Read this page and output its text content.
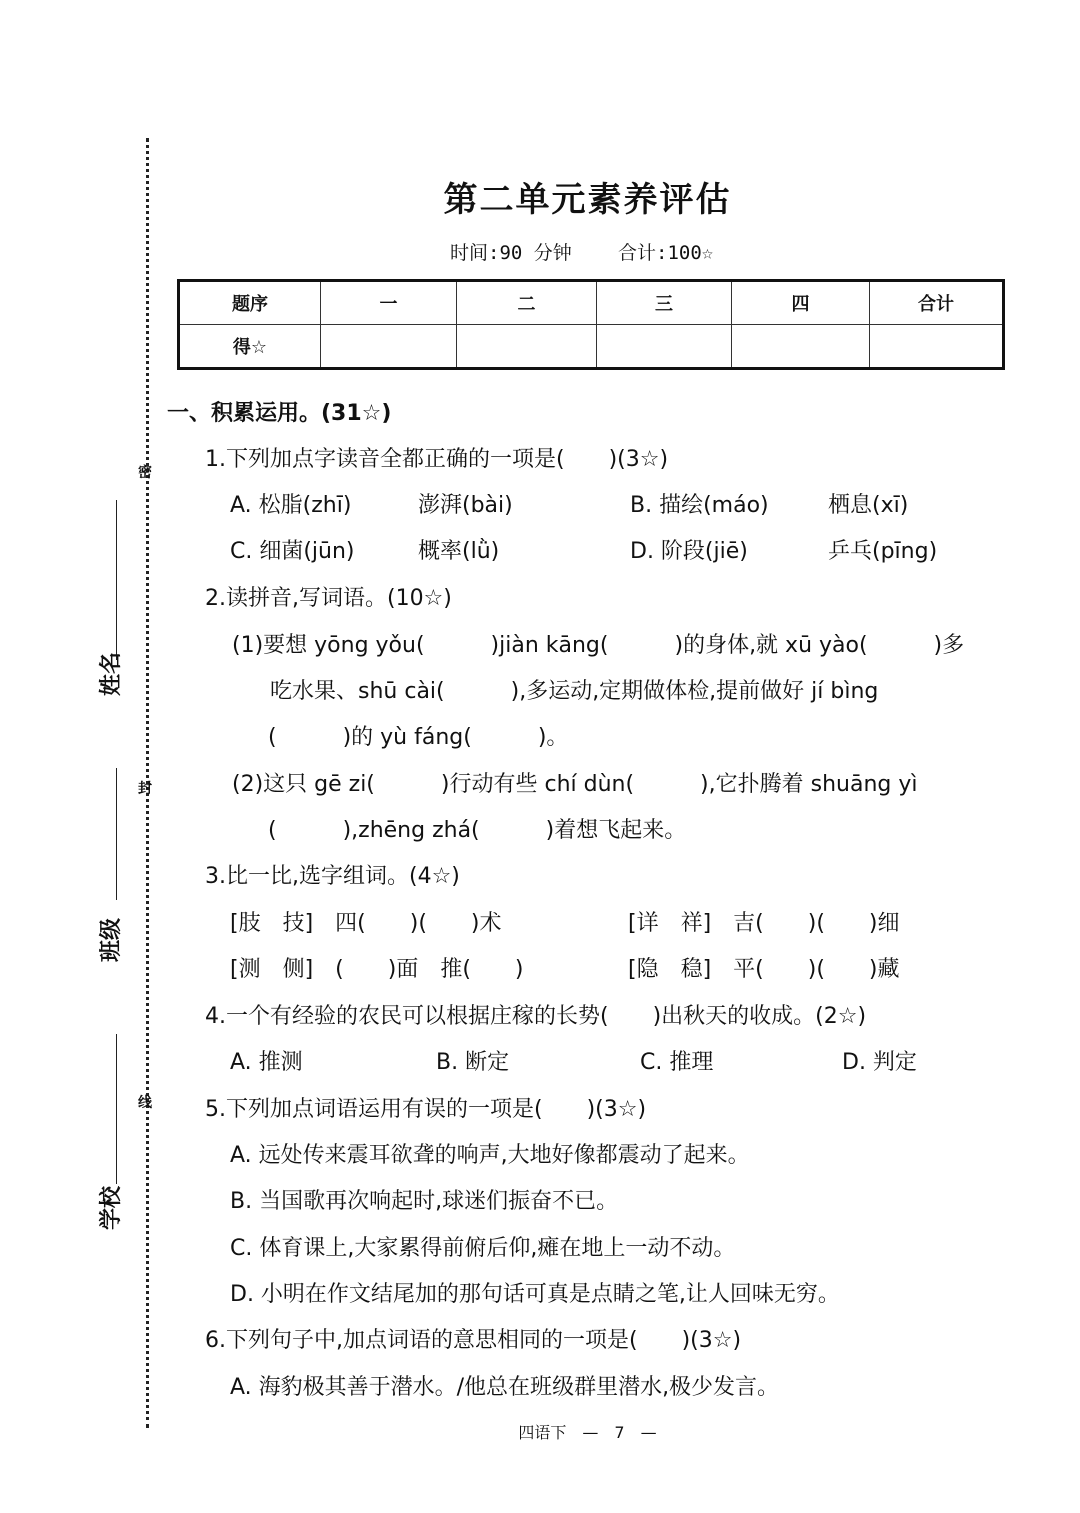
姓名
班级
学校
密
封
线
第二单元素养评估
时间:90 分钟 合计:100☆
题序	一	二	三	四	合计
得☆					
一、积累运用。(31☆)
1.下列加点字读音全都正确的一项是(　　)(3☆)
A. 松脂(zhī)	澎湃(bài)	B. 描绘(máo)	栖息(xī)
C. 细菌(jūn)	概率(lǜ)	D. 阶段(jiē)	乒乓(pīng)
2.读拼音,写词语。(10☆)
(1)要想 yōng yǒu(　　　)jiàn kāng(　　　)的身体,就 xū yào(　　　)多
吃水果、shū cài(　　　),多运动,定期做体检,提前做好 jí bìng
(　　　)的 yù fáng(　　　)。
(2)这只 gē zi(　　　)行动有些 chí dùn(　　　),它扑腾着 shuāng yì
(　　　),zhēng zhá(　　　)着想飞起来。
3.比一比,选字组词。(4☆)
[肢　技]　四(　　)(　　)术	[详　祥]　吉(　　)(　　)细
[测　侧]　(　　)面　推(　　)	[隐　稳]　平(　　)(　　)藏
4.一个有经验的农民可以根据庄稼的长势(　　)出秋天的收成。(2☆)
A. 推测	B. 断定	C. 推理	D. 判定
5.下列加点词语运用有误的一项是(　　)(3☆)
A. 远处传来震耳欲聋的响声,大地好像都震动了起来。
B. 当国歌再次响起时,球迷们振奋不已。
C. 体育课上,大家累得前俯后仰,瘫在地上一动不动。
D. 小明在作文结尾加的那句话可真是点睛之笔,让人回味无穷。
6.下列句子中,加点词语的意思相同的一项是(　　)(3☆)
A. 海豹极其善于潜水。/他总在班级群里潜水,极少发言。
四语下　—　7　—
